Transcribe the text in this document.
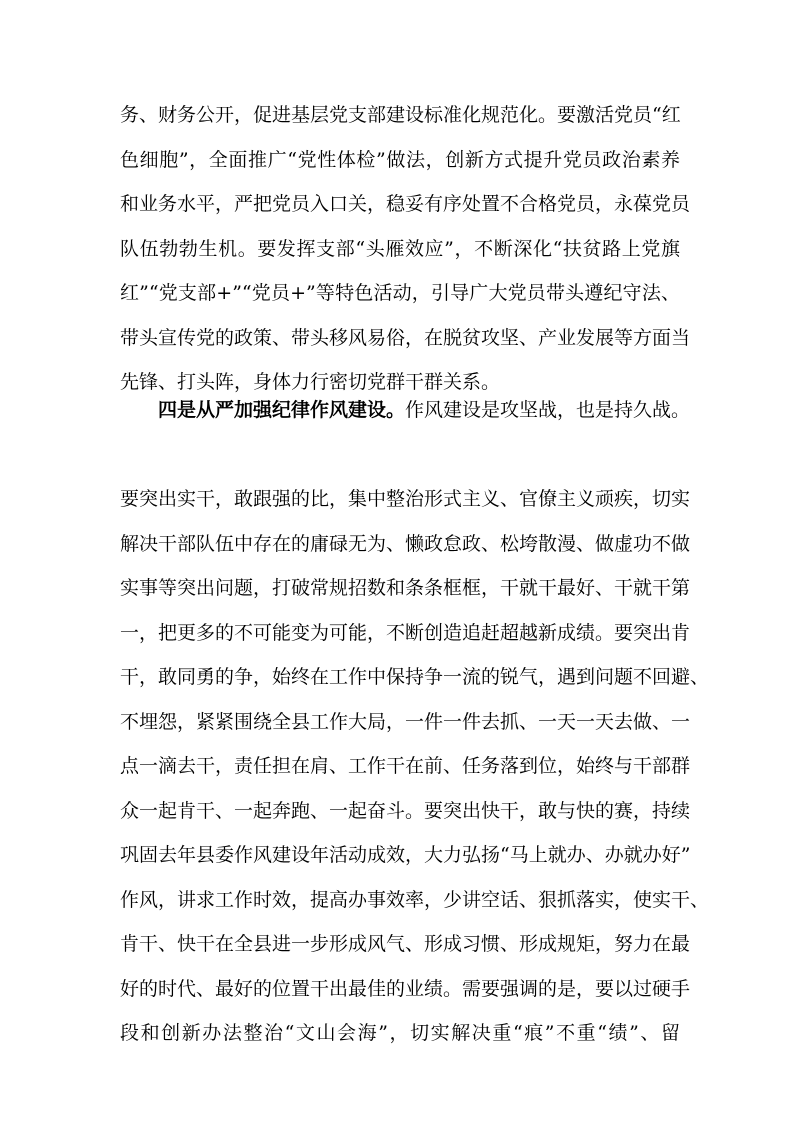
务、财务公开，促进基层党支部建设标准化规范化。要激活党员“红
色细胞”，全面推广“党性体检”做法，创新方式提升党员政治素养
和业务水平，严把党员入口关，稳妥有序处置不合格党员，永葆党员
队伍勃勃生机。要发挥支部“头雁效应”，不断深化“扶贫路上党旗
红”“党支部+”“党员+”等特色活动，引导广大党员带头遵纪守法、
带头宣传党的政策、带头移风易俗，在脱贫攻坚、产业发展等方面当
先锋、打头阵，身体力行密切党群干群关系。
四是从严加强纪律作风建设。作风建设是攻坚战，也是持久战。
要突出实干，敢跟强的比，集中整治形式主义、官僚主义顽疾，切实
解决干部队伍中存在的庸碌无为、懒政怠政、松垮散漫、做虚功不做
实事等突出问题，打破常规招数和条条框框，干就干最好、干就干第
一，把更多的不可能变为可能，不断创造追赶超越新成绩。要突出肯
干，敢同勇的争，始终在工作中保持争一流的锐气，遇到问题不回避、
不埋怨，紧紧围绕全县工作大局，一件一件去抓、一天一天去做、一
点一滴去干，责任担在肩、工作干在前、任务落到位，始终与干部群
众一起肯干、一起奔跑、一起奋斗。要突出快干，敢与快的赛，持续
巩固去年县委作风建设年活动成效，大力弘扬“马上就办、办就办好”
作风，讲求工作时效，提高办事效率，少讲空话、狠抓落实，使实干、
肯干、快干在全县进一步形成风气、形成习惯、形成规矩，努力在最
好的时代、最好的位置干出最佳的业绩。需要强调的是，要以过硬手
段和创新办法整治“文山会海”，切实解决重“痕”不重“绩”、留
